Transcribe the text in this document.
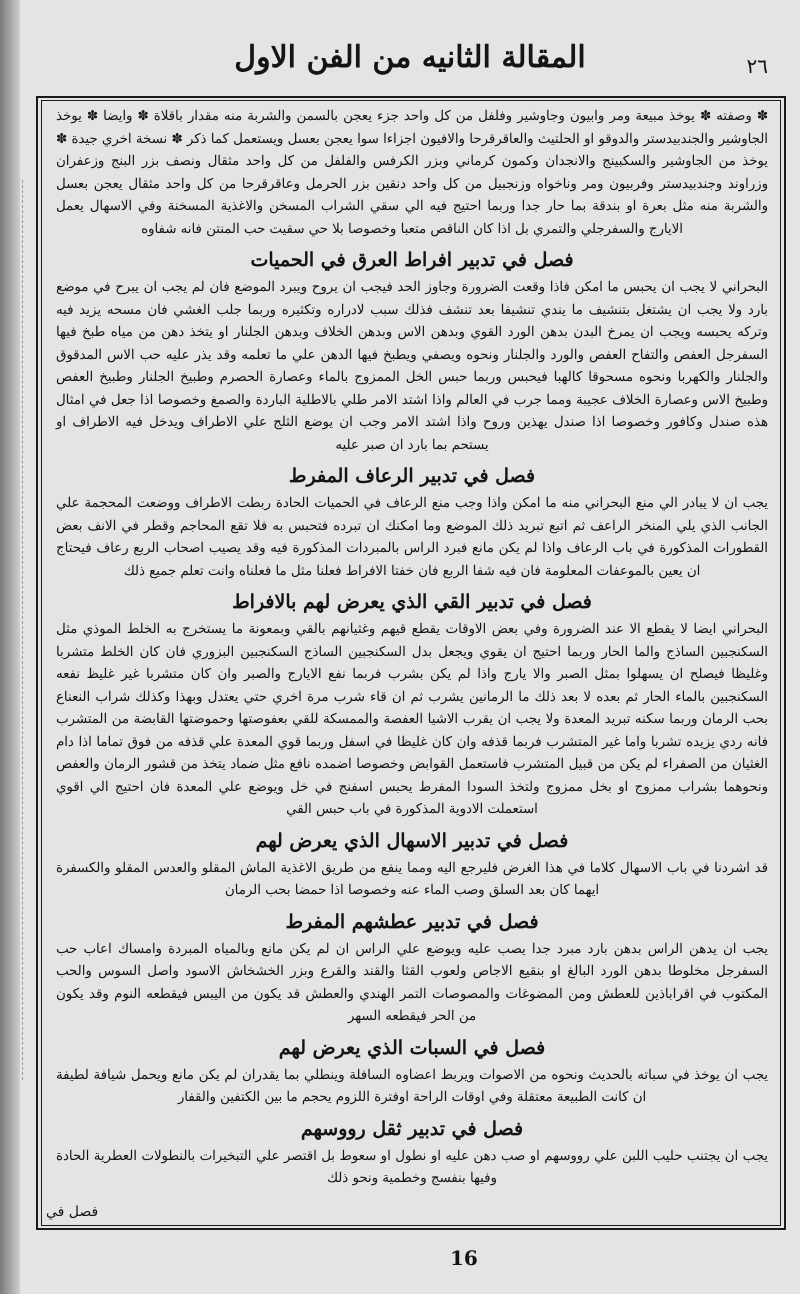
المقالة الثانيه من الفن الاول	٢٦

✽ وصفته ✽ يوخذ مبيعة ومر وابيون وجاوشير وفلفل من كل واحد جزء يعجن بالسمن والشربة منه مقدار باقلاة ✽ وايضا ✽ يوخذ الجاوشير والجندبيدستر والدوقو او الحلتيث والعاقرقرحا والافيون اجزاءا سوا يعجن بعسل ويستعمل كما ذكر ✽ نسخة اخري جيدة ✽ يوخذ من الجاوشير والسكبينج والانجدان وكمون كرماني وبزر الكرفس والفلفل من كل واحد مثقال ونصف بزر البنج وزعفران وزراوند وجندبيدستر وفربيون ومر وناخواه وزنجبيل من كل واحد دنقين بزر الحرمل وعاقرقرحا من كل واحد مثقال يعجن بعسل والشربة منه مثل بعرة او بندقة بما حار جدا وربما احتيج فيه الي سقي الشراب المسخن والاغذية المسخنة وفي الاسهال يعمل الايارج والسفرجلي والتمري بل اذا كان الناقص متعبا وخصوصا بلا حي سقيت حب المنتن فانه شفاوه

فصل في تدبير افراط العرق في الحميات

البحراني لا يجب ان يحبس ما امكن فاذا وقعت الضرورة وجاوز الحد فيجب ان يروح ويبرد الموضع فان لم يجب ان يبرح في موضع بارد ولا يجب ان يشتغل بتنشيف ما يندي تنشيفا بعد تنشف فذلك سبب لادراره وتكثيره وربما جلب الغشي فان مسحه يزيد فيه وتركه يحبسه ويجب ان يمرخ البدن بدهن الورد القوي وبدهن الاس وبدهن الخلاف وبدهن الجلنار او يتخذ دهن من مياه طبخ فيها السفرجل العفص والتفاح العفص والورد والجلنار ونحوه ويصفي ويطبخ فيها الدهن علي ما تعلمه وقد يذر عليه حب الاس المدقوق والجلنار والكهربا ونحوه مسحوقا كالهبا فيحبس وربما حبس الخل الممزوج بالماء وعصارة الحصرم وطبيخ الجلنار وطبيخ العفص وطبيخ الاس وعصارة الخلاف عجيبة ومما جرب في العالم واذا اشتد الامر طلي بالاطلية الباردة والصمغ وخصوصا اذا جعل في امثال هذه صندل وكافور وخصوصا اذا صندل يهذين وروح واذا اشتد الامر وجب ان يوضع الثلج علي الاطراف ويدخل فيه الاطراف او يستحم بما بارد ان صبر عليه

فصل في تدبير الرعاف المفرط

يجب ان لا يبادر الي منع البحراني منه ما امكن واذا وجب منع الرعاف في الحميات الحادة ربطت الاطراف ووضعت المحجمة علي الجانب الذي يلي المنخر الراعف ثم اتبع تبريد ذلك الموضع وما امكنك ان تبرده فتحبس به فلا تقع المحاجم وقطر في الانف بعض القطورات المذكورة في باب الرعاف واذا لم يكن مانع فبرد الراس بالمبردات المذكورة فيه وقد يصيب اصحاب الربع رعاف فيحتاج ان يعين بالموعفات المعلومة فان فيه شفا الربع فان خفتا الافراط فعلنا مثل ما فعلناه وانت تعلم جميع ذلك

فصل في تدبير القي الذي يعرض لهم بالافراط

البحراني ايضا لا يقطع الا عند الضرورة وفي بعض الاوقات يقطع قيهم وغثيانهم بالقي وبمعونة ما يستخرج به الخلط الموذي مثل السكنجبين الساذج والما الحار وربما احتيج ان يقوي ويجعل بدل السكنجبين الساذج السكنجبين البزوري فان كان الخلط متشربا وغليظا فيصلح ان يسهلوا بمثل الصبر والا يارج واذا لم يكن بشرب فربما نفع الايارج والصبر وان كان متشربا غير غليظ نفعه السكنجبين بالماء الحار ثم بعده لا بعد ذلك ما الرمانين يشرب ثم ان قاء شرب مرة اخري حتي يعتدل وبهذا وكذلك شراب النعناع بحب الرمان وربما سكنه تبريد المعدة ولا يجب ان يقرب الاشيا العفصة والممسكة للقي بعفوصتها وحموضتها القابضة من المتشرب فانه ردي يزيده تشربا واما غير المتشرب فربما قذفه وان كان غليظا في اسفل وربما قوي المعدة علي قذفه من فوق تماما اذا دام الغثيان من الصفراء لم يكن من قبيل المتشرب فاستعمل القوابض وخصوصا اضمده نافع مثل ضماد يتخذ من قشور الرمان والعفص ونحوهما بشراب ممزوج او بخل ممزوج ولتخذ السودا المفرط يحبس اسفنج في خل ويوضع علي المعدة فان احتيج الي اقوي استعملت الادوية المذكورة في باب حبس القي

فصل في تدبير الاسهال الذي يعرض لهم

قد اشردنا في باب الاسهال كلاما في هذا الغرض فليرجع اليه ومما ينفع من طريق الاغذية الماش المقلو والعدس المقلو والكسفرة ايهما كان بعد السلق وصب الماء عنه وخصوصا اذا حمضا بحب الرمان

فصل في تدبير عطشهم المفرط

يجب ان يدهن الراس بدهن بارد مبرد جدا يصب عليه ويوضع علي الراس ان لم يكن مانع وبالمياه المبردة وامساك اعاب حب السفرجل مخلوطا بدهن الورد البالغ او بنقيع الاجاص ولعوب القثا والقند والقرع وبزر الخشخاش الاسود واصل السوس والحب المكتوب في اقراباذين للعطش ومن المضوغات والمصوصات التمر الهندي والعطش قد يكون من اليبس فيقطعه النوم وقد يكون من الحر فيقطعه السهر

فصل في السبات الذي يعرض لهم

يجب ان يوخذ في سباته بالحديث ونحوه من الاصوات ويربط اعضاوه السافلة وينطلي بما يقدران لم يكن مانع ويحمل شيافة لطيفة ان كانت الطبيعة معتقلة وفي اوقات الراحة اوفترة اللزوم يحجم ما بين الكتفين والقفار

فصل في تدبير ثقل رووسهم

يجب ان يجتنب حليب اللبن علي رووسهم او صب دهن عليه او نطول او سعوط بل اقتصر علي التبخيرات بالنطولات العطرية الحادة وفيها بنفسج وخطمية ونحو ذلك

فصل في
16
